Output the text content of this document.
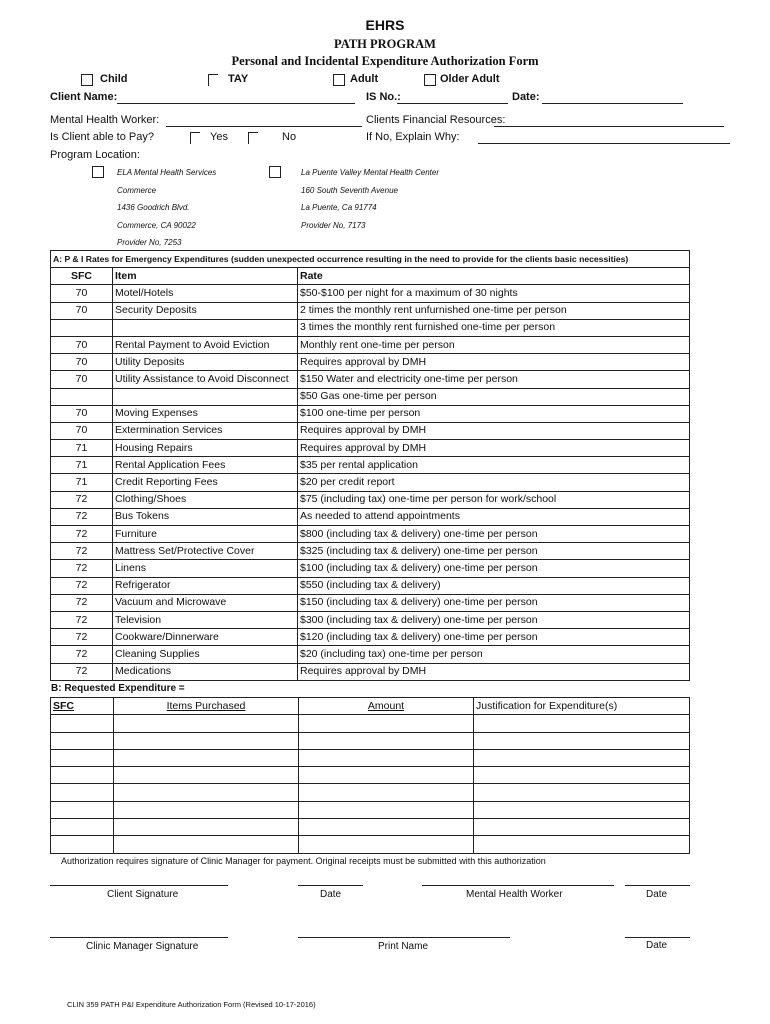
EHRS
PATH PROGRAM
Personal and Incidental Expenditure Authorization Form
Child	TAY	Adult	Older Adult
Client Name:	IS No.:	Date:
Mental Health Worker:	Clients Financial Resources:
Is Client able to Pay?	Yes	No	If No, Explain Why:
Program Location:
ELA Mental Health Services
Commerce
1436 Goodrich Blvd.
Commerce, CA 90022
Provider No, 7253
La Puente Valley Mental Health Center
160 South Seventh Avenue
La Puente, Ca 91774
Provider No, 7173
A: P & I Rates for Emergency Expenditures (sudden unexpected occurrence resulting in the need to provide for the clients basic necessities)		
SFC	Item	Rate
70	Motel/Hotels	$50-$100 per night for a maximum of 30 nights
70	Security Deposits	2 times the monthly rent unfurnished one-time per person
		3 times the monthly rent furnished one-time per person
70	Rental Payment to Avoid Eviction	Monthly rent one-time per person
70	Utility Deposits	Requires approval by DMH
70	Utility Assistance to Avoid Disconnect	$150 Water and electricity one-time per person
		$50 Gas one-time per person
70	Moving Expenses	$100 one-time per person
70	Extermination Services	Requires approval by DMH
71	Housing Repairs	Requires approval by DMH
71	Rental Application Fees	$35 per rental application
71	Credit Reporting Fees	$20 per credit report
72	Clothing/Shoes	$75 (including tax) one-time per person for work/school
72	Bus Tokens	As needed to attend appointments
72	Furniture	$800 (including tax & delivery) one-time per person
72	Mattress Set/Protective Cover	$325 (including tax & delivery) one-time per person
72	Linens	$100 (including tax & delivery) one-time per person
72	Refrigerator	$550 (including tax & delivery)
72	Vacuum and Microwave	$150 (including tax & delivery) one-time per person
72	Television	$300 (including tax & delivery) one-time per person
72	Cookware/Dinnerware	$120 (including tax & delivery) one-time per person
72	Cleaning Supplies	$20 (including tax) one-time per person
72	Medications	Requires approval by DMH
B: Requested Expenditure =
SFC	Items Purchased	Amount	Justification for Expenditure(s)

Authorization requires signature of Clinic Manager for payment. Original receipts must be submitted with this authorization
Client Signature	Date	Mental Health Worker	Date
Clinic Manager Signature	Print Name	Date
CLIN 359 PATH P&I Expenditure Authorization Form (Revised 10-17-2016)
